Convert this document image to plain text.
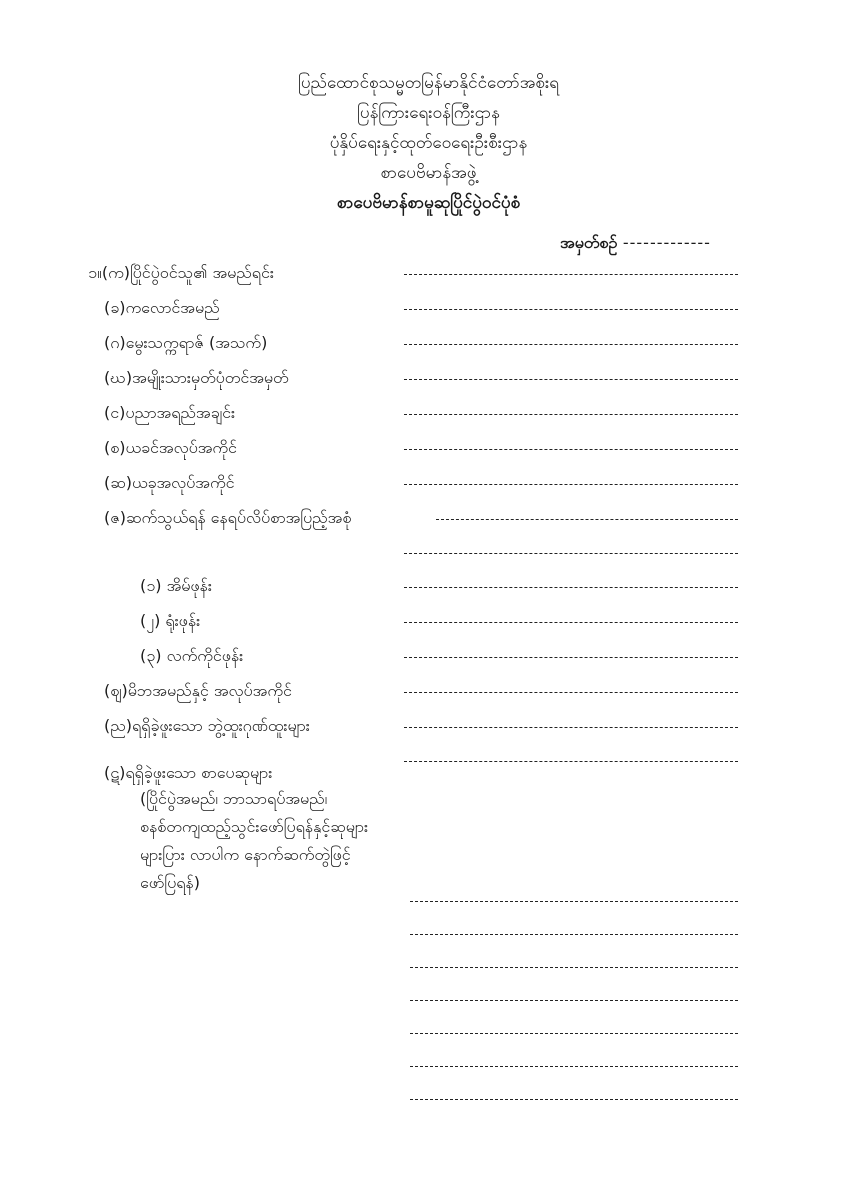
ပြည်ထောင်စုသမ္မတမြန်မာနိုင်ငံတော်အစိုးရ
ပြန်ကြားရေးဝန်ကြီးဌာန
ပုံနှိပ်ရေးနှင့်ထုတ်ဝေရေးဦးစီးဌာန
စာပေဗိမာန်အဖွဲ့
စာပေဗိမာန်စာမူဆုပြိုင်ပွဲဝင်ပုံစံ
အမှတ်စဉ် -------------
၁။(က)ပြိုင်ပွဲဝင်သူ၏ အမည်ရင်း
(ခ)ကလောင်အမည်
(ဂ)မွေးသက္ကရာဇ် (အသက်)
(ဃ)အမျိုးသားမှတ်ပုံတင်အမှတ်
(င)ပညာအရည်အချင်း
(စ)ယခင်အလုပ်အကိုင်
(ဆ)ယခုအလုပ်အကိုင်
(ဇ)ဆက်သွယ်ရန် နေရပ်လိပ်စာအပြည့်အစုံ
(၁) အိမ်ဖုန်း
(၂) ရုံးဖုန်း
(၃) လက်ကိုင်ဖုန်း
(ဈ)မိဘအမည်နှင့် အလုပ်အကိုင်
(ည)ရရှိခဲ့ဖူးသော ဘွဲ့ထူးဂုဏ်ထူးများ
(ဋ)ရရှိခဲ့ဖူးသော စာပေဆုများ
(ပြိုင်ပွဲအမည်၊ ဘာသာရပ်အမည်၊
စနစ်တကျထည့်သွင်းဖော်ပြရန်နှင့်ဆုများ
များပြား လာပါက နောက်ဆက်တွဲဖြင့်
ဖော်ပြရန်)
